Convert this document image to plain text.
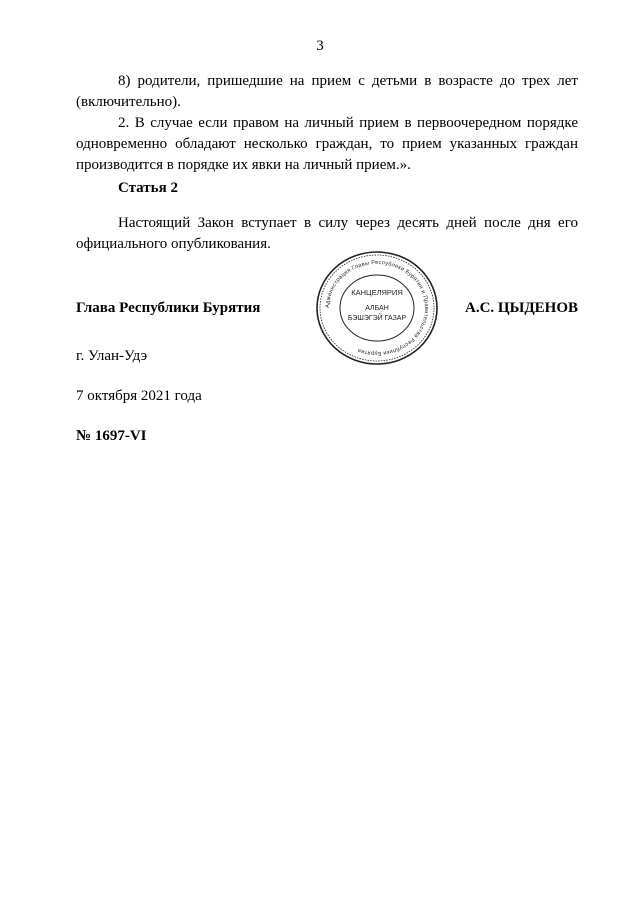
3

8) родители, пришедшие на прием с детьми в возрасте до трех лет (включительно).

2. В случае если правом на личный прием в первоочередном порядке одновременно обладают несколько граждан, то прием указанных граждан производится в порядке их явки на личный прием.».

Статья 2

Настоящий Закон вступает в силу через десять дней после дня его официального опубликования.

Глава Республики Бурятия	Администрация Главы Республики Бурятия и Правительства Республики Бурятия
КАНЦЕЛЯРИЯ
АЛБАН
БЭШЭГЭЙ ГАЗАР
А.С. ЦЫДЕНОВ
г. Улан-Удэ
7 октября 2021 года
№ 1697-VI
